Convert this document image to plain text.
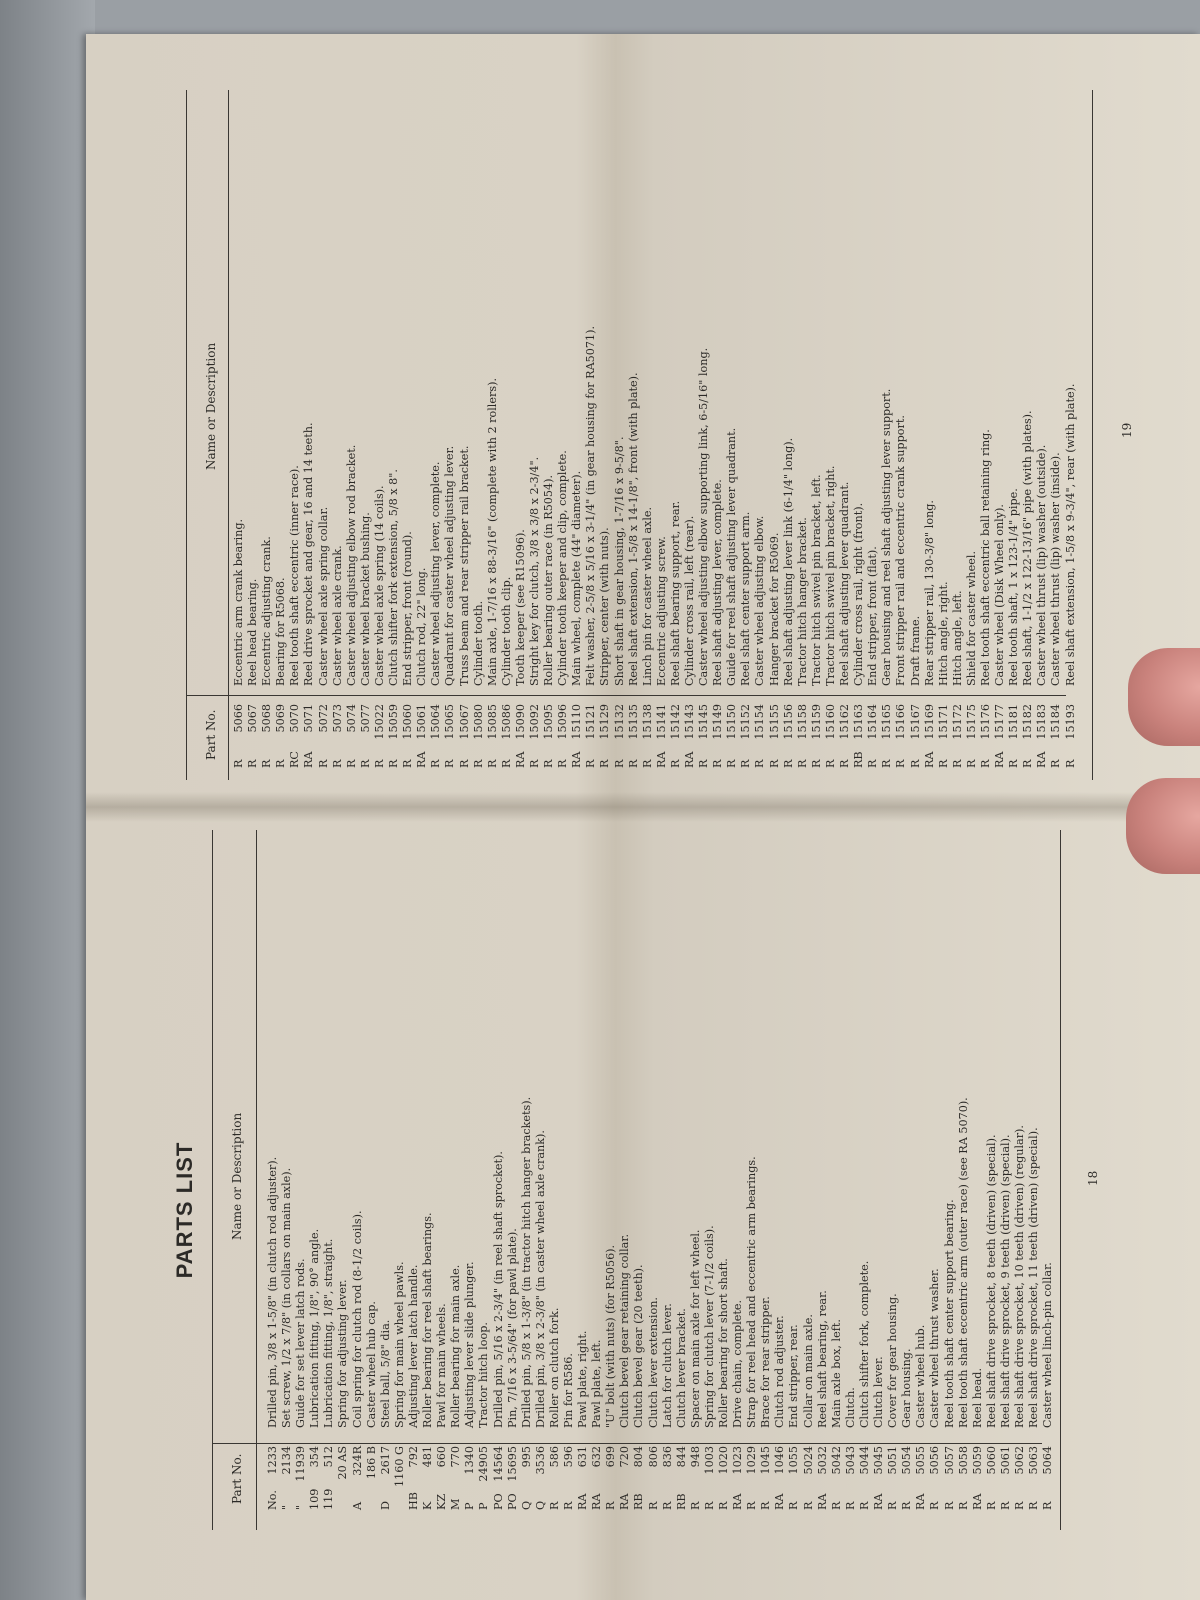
PARTS LIST
Part No.
Name or Description
No.
1233
Drilled pin, 3/8 x 1-5/8" (in clutch rod adjuster).
"
2134
Set screw, 1/2 x 7/8" (in collars on main axle).
"
11939
Guide for set lever latch rods.
109
354
Lubrication fitting, 1/8", 90° angle.
119
512
Lubrication fitting, 1/8", straight.
20 AS
Spring for adjusting lever.
A
324R
Coil spring for clutch rod (8-1/2 coils).
186 B
Caster wheel hub cap.
D
2617
Steel ball, 5/8" dia.
1160 G
Spring for main wheel pawls.
HB
792
Adjusting lever latch handle.
K
481
Roller bearing for reel shaft bearings.
KZ
660
Pawl for main wheels.
M
770
Roller bearing for main axle.
P
1340
Adjusting lever slide plunger.
P
24905
Tractor hitch loop.
PO
14564
Drilled pin, 5/16 x 2-3/4" (in reel shaft sprocket).
PO
15695
Pin, 7/16 x 3-5/64" (for pawl plate).
Q
995
Drilled pin, 5/8 x 1-3/8" (in tractor hitch hanger brackets).
Q
3536
Drilled pin, 3/8 x 2-3/8" (in caster wheel axle crank).
R
586
Roller on clutch fork.
R
596
Pin for R586.
RA
631
Pawl plate, right.
RA
632
Pawl plate, left.
R
699
"U" bolt (with nuts) (for R5056).
RA
720
Clutch bevel gear retaining collar.
RB
804
Clutch bevel gear (20 teeth).
R
806
Clutch lever extension.
R
836
Latch for clutch lever.
RB
844
Clutch lever bracket.
R
948
Spacer on main axle for left wheel.
R
1003
Spring for clutch lever (7-1/2 coils).
R
1020
Roller bearing for short shaft.
RA
1023
Drive chain, complete.
R
1029
Strap for reel head and eccentric arm bearings.
R
1045
Brace for rear stripper.
RA
1046
Clutch rod adjuster.
R
1055
End stripper, rear.
R
5024
Collar on main axle.
RA
5032
Reel shaft bearing, rear.
R
5042
Main axle box, left.
R
5043
Clutch.
R
5044
Clutch shifter fork, complete.
RA
5045
Clutch lever.
R
5051
Cover for gear housing.
R
5054
Gear housing.
RA
5055
Caster wheel hub.
R
5056
Caster wheel thrust washer.
R
5057
Reel tooth shaft center support bearing.
R
5058
Reel tooth shaft eccentric arm (outer race) (see RA 5070).
RA
5059
Reel head.
R
5060
Reel shaft drive sprocket, 8 teeth (driven) (special).
R
5061
Reel shaft drive sprocket, 9 teeth (driven) (special).
R
5062
Reel shaft drive sprocket, 10 teeth (driven) (regular).
R
5063
Reel shaft drive sprocket, 11 teeth (driven) (special).
R
5064
Caster wheel linch-pin collar.
18
Part No.
Name or Description
R
5066
Eccentric arm crank bearing.
R
5067
Reel head bearing.
R
5068
Eccentric adjusting crank.
R
5069
Bearing for R5068.
RC
5070
Reel tooth shaft eccentric (inner race).
RA
5071
Reel drive sprocket and gear, 16 and 14 teeth.
R
5072
Caster wheel axle spring collar.
R
5073
Caster wheel axle crank.
R
5074
Caster wheel adjusting elbow rod bracket.
R
5077
Caster wheel bracket bushing.
R
15022
Caster wheel axle spring (14 coils).
R
15059
Clutch shifter fork extension, 5/8 x 8".
R
15060
End stripper, front (round).
RA
15061
Clutch rod, 22" long.
R
15064
Caster wheel adjusting lever, complete.
R
15065
Quadrant for caster wheel adjusting lever.
R
15067
Truss beam and rear stripper rail bracket.
R
15080
Cylinder tooth.
R
15085
Main axle, 1-7/16 x 88-3/16" (complete with 2 rollers).
R
15086
Cylinder tooth clip.
RA
15090
Tooth keeper (see R15096).
R
15092
Stright key for clutch, 3/8 x 3/8 x 2-3/4".
R
15095
Roller bearing outer race (in R5054).
R
15096
Cylinder tooth keeper and clip, complete.
RA
15110
Main wheel, complete (44" diameter).
R
15121
Felt washer, 2-5/8 x 5/16 x 3-1/4" (in gear housing for RA5071).
R
15129
Stripper, center (with nuts).
R
15132
Short shaft in gear housing, 1-7/16 x 9-5/8".
R
15135
Reel shaft extension, 1-5/8 x 14-1/8", front (with plate).
R
15138
Linch pin for caster wheel axle.
RA
15141
Eccentric adjusting screw.
R
15142
Reel shaft bearing support, rear.
RA
15143
Cylinder cross rail, left (rear).
R
15145
Caster wheel adjusting elbow supporting link, 6-5/16" long.
R
15149
Reel shaft adjusting lever, complete.
R
15150
Guide for reel shaft adjusting lever quadrant.
R
15152
Reel shaft center support arm.
R
15154
Caster wheel adjusting elbow.
R
15155
Hanger bracket for R5069.
R
15156
Reel shaft adjusting lever link (6-1/4" long).
R
15158
Tractor hitch hanger bracket.
R
15159
Tractor hitch swivel pin bracket, left.
R
15160
Tractor hitch swivel pin bracket, right.
R
15162
Reel shaft adjusting lever quadrant.
RB
15163
Cylinder cross rail, right (front).
R
15164
End stripper, front (flat).
R
15165
Gear housing and reel shaft adjusting lever support.
R
15166
Front stripper rail and eccentric crank support.
R
15167
Draft frame.
RA
15169
Rear stripper rail, 130-3/8" long.
R
15171
Hitch angle, right.
R
15172
Hitch angle, left.
R
15175
Shield for caster wheel.
R
15176
Reel tooth shaft eccentric ball retaining ring.
RA
15177
Caster wheel (Disk Wheel only).
R
15181
Reel tooth shaft, 1 x 123-1/4" pipe.
R
15182
Reel shaft, 1-1/2 x 122-13/16" pipe (with plates).
RA
15183
Caster wheel thrust (lip) washer (outside).
R
15184
Caster wheel thrust (lip) washer (inside).
R
15193
Reel shaft extension, 1-5/8 x 9-3/4", rear (with plate).	19
